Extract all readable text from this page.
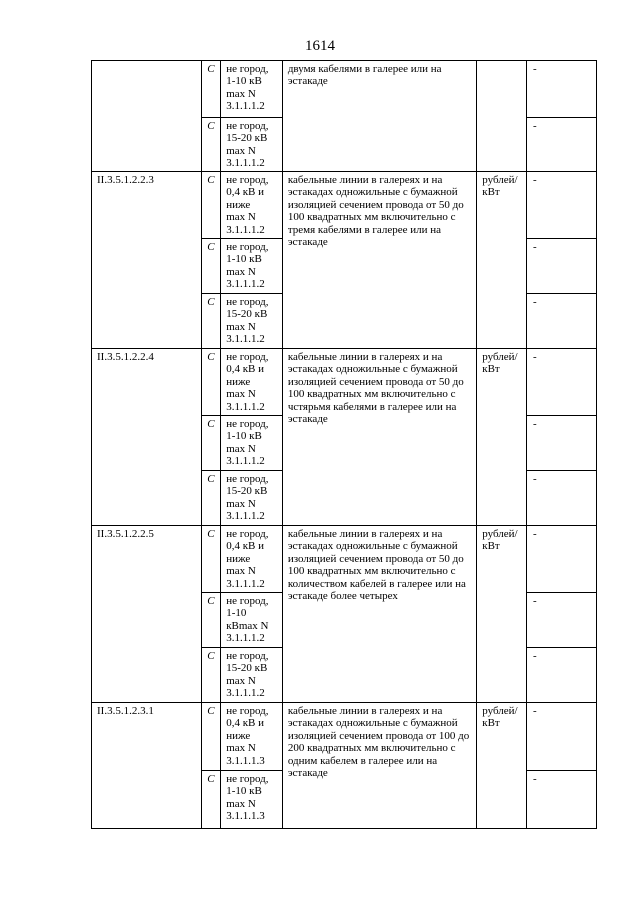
1614
	С	не город,
1-10 кВ
max N
3.1.1.1.2	двумя кабелями в галерее или на эстакаде		-
	С	не город,
15-20 кВ
max N
3.1.1.1.2			-
II.3.5.1.2.2.3	С	не город,
0,4 кВ и
ниже
max N
3.1.1.1.2	кабельные линии в галереях и на эстакадах одножильные с бумажной изоляцией сечением провода от 50 до 100 квадратных мм включительно с тремя кабелями в галерее или на эстакаде	рублей/ кВт	-
	С	не город,
1-10 кВ
max N
3.1.1.1.2			-
	С	не город,
15-20 кВ
max N
3.1.1.1.2			-
II.3.5.1.2.2.4	С	не город,
0,4 кВ и
ниже
max N
3.1.1.1.2	кабельные линии в галереях и на эстакадах одножильные с бумажной изоляцией сечением провода от 50 до 100 квадратных мм включительно с чстярьмя кабелями в галерее или на эстакаде	рублей/ кВт	-
	С	не город,
1-10 кВ
max N
3.1.1.1.2			-
	С	не город,
15-20 кВ
max N
3.1.1.1.2			-
II.3.5.1.2.2.5	С	не город,
0,4 кВ и
ниже
max N
3.1.1.1.2	кабельные линии в галереях и на эстакадах одножильные с бумажной изоляцией сечением провода от 50 до 100 квадратных мм включительно с количеством кабелей в галерее или на эстакаде более четырех	рублей/ кВт	-
	С	не город,
1-10
кВmax N
3.1.1.1.2			-
	С	не город,
15-20 кВ
max N
3.1.1.1.2			-
II.3.5.1.2.3.1	С	не город,
0,4 кВ и
ниже
max N
3.1.1.1.3	кабельные линии в галереях и на эстакадах одножильные с бумажной изоляцией сечением провода от 100 до 200 квадратных мм включительно с одним кабелем в галерее или на эстакаде	рублей/ кВт	-
	С	не город,
1-10 кВ
max N
3.1.1.1.3			-
